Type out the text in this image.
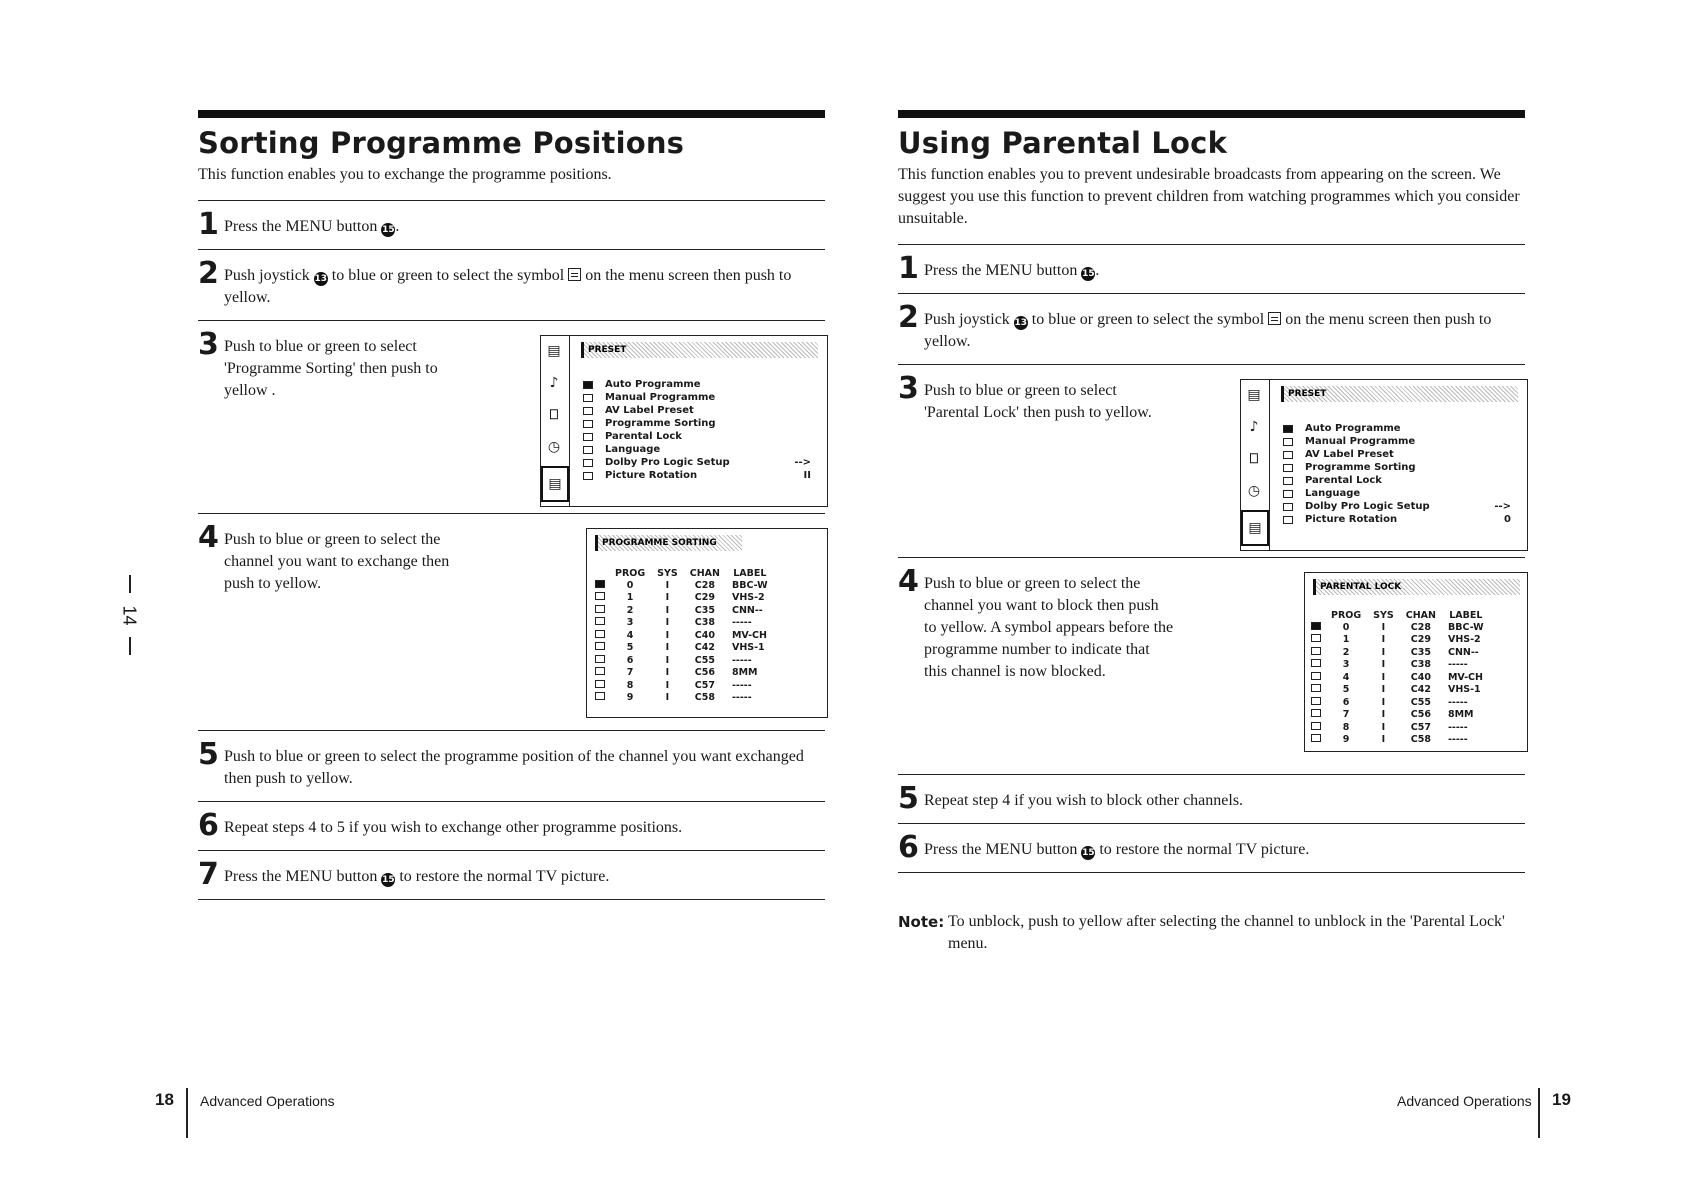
14
Sorting Programme Positions

This function enables you to exchange the programme positions.

1 Press the MENU button 15.
2 Push joystick 13 to blue or green to select the symbol on the menu screen then push to yellow.
3 Push to blue or green to select 'Programme Sorting' then push to yellow .
▤
♪
⎕
◷
▤
PRESET
Auto Programme
Manual Programme
AV Label Preset
Programme Sorting
Parental Lock
Language
Dolby Pro Logic Setup	-->
Picture Rotation	II
4 Push to blue or green to select the channel you want to exchange then push to yellow.
PROGRAMME SORTING
	PROG	SYS	CHAN	LABEL
	0	I	C28	BBC-W
	1	I	C29	VHS-2
	2	I	C35	CNN--
	3	I	C38	-----
	4	I	C40	MV-CH
	5	I	C42	VHS-1
	6	I	C55	-----
	7	I	C56	8MM
	8	I	C57	-----
	9	I	C58	-----
5 Push to blue or green to select the programme position of the channel you want exchanged then push to yellow.
6 Repeat steps 4 to 5 if you wish to exchange other programme positions.
7 Press the MENU button 15 to restore the normal TV picture.
18 Advanced Operations
Using Parental Lock

This function enables you to prevent undesirable broadcasts from appearing on the screen. We suggest you use this function to prevent children from watching programmes which you consider unsuitable.

1 Press the MENU button 15.
2 Push joystick 13 to blue or green to select the symbol on the menu screen then push to yellow.
3 Push to blue or green to select 'Parental Lock' then push to yellow.
▤
♪
⎕
◷
▤
PRESET
Auto Programme
Manual Programme
AV Label Preset
Programme Sorting
Parental Lock
Language
Dolby Pro Logic Setup	-->
Picture Rotation	0
4 Push to blue or green to select the channel you want to block then push to yellow. A symbol appears before the programme number to indicate that this channel is now blocked.
PARENTAL LOCK
	PROG	SYS	CHAN	LABEL
	0	I	C28	BBC-W
	1	I	C29	VHS-2
	2	I	C35	CNN--
	3	I	C38	-----
	4	I	C40	MV-CH
	5	I	C42	VHS-1
	6	I	C55	-----
	7	I	C56	8MM
	8	I	C57	-----
	9	I	C58	-----
5 Repeat step 4 if you wish to block other channels.
6 Press the MENU button 15 to restore the normal TV picture.
Note: To unblock, push to yellow after selecting the channel to unblock in the 'Parental Lock' menu.
Advanced Operations 19
